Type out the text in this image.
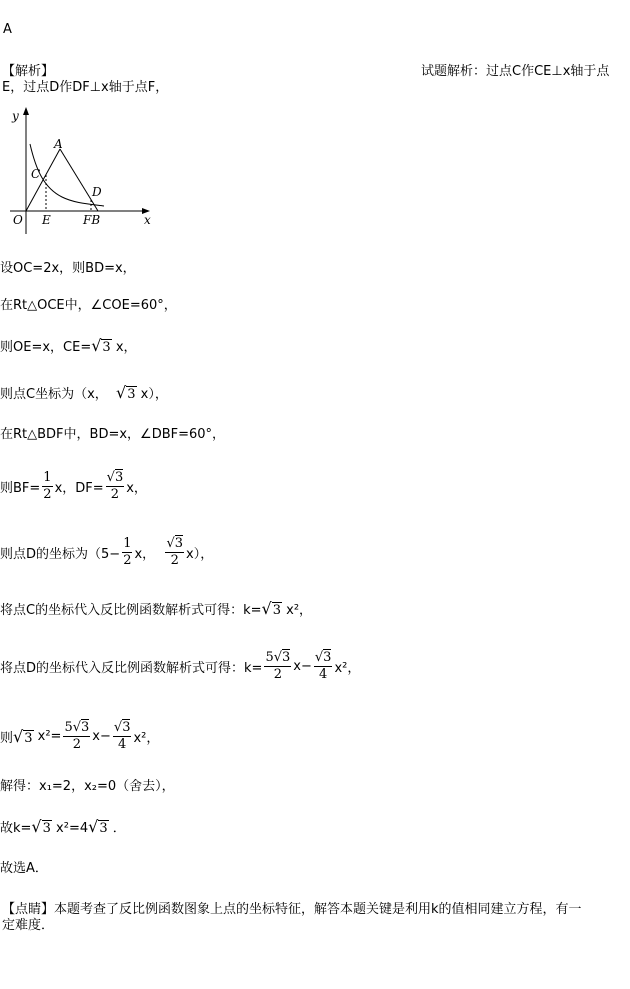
A
【解析】	试题解析：过点C作CE⊥x轴于点
E，过点D作DF⊥x轴于点F，
y
A
C
D
O E	FB	x
设OC=2x，则BD=x，
在Rt△OCE中，∠COE=60°，
则OE=x，CE=√3 x，
则点C坐标为（x， √3 x），
在Rt△BDF中，BD=x，∠DBF=60°，
则$BF= \frac{1}{2}$ x，$DF= \frac{√3}{2}$ x，
则点D的坐标为（$5- \frac{1}{2}$ x，
$\frac{√3}{2} x$），
将点C的坐标代入反比例函数解析式可得：k=√3 x²，
将点D的坐标代入反比例函数解析式可得：$k= \frac{5√3}{2} x- \frac{√3}{4} x^2$，
则 √3
$x^2= \frac{5√3}{2} x- \frac{√3}{4} x^2$，
解得：x₁=2，x₂=0（舍去），
故k=√3 x²=4√3 ．
故选A．
【点睛】本题考查了反比例函数图象上点的坐标特征，解答本题关键是利用k的值相同建立方程，有一
定难度．
